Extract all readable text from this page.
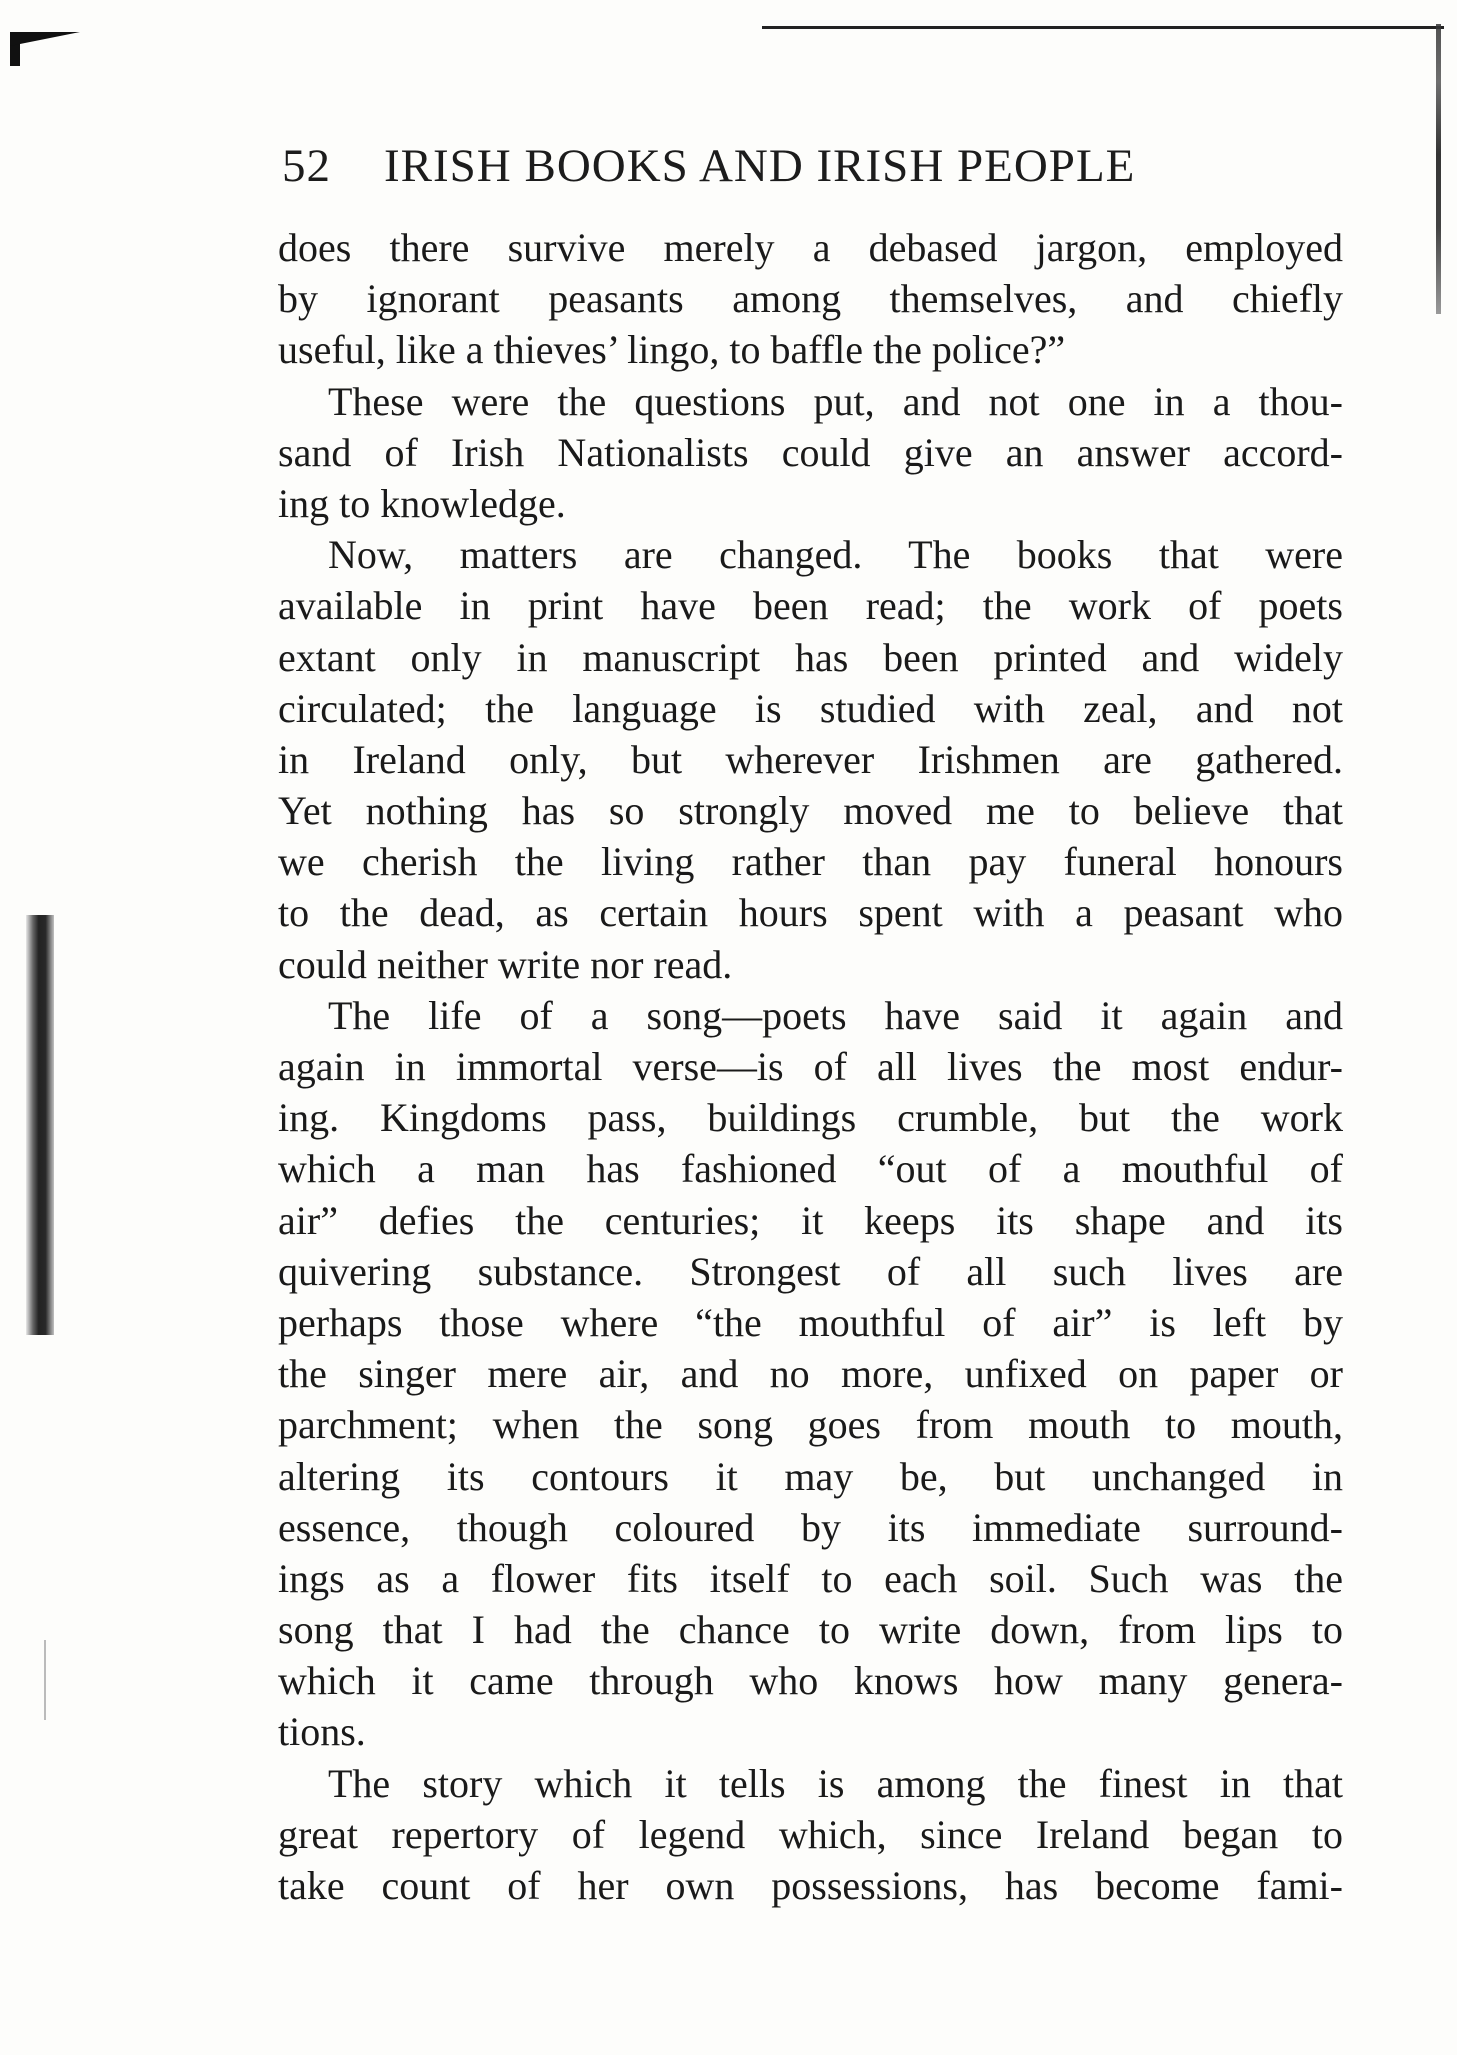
52 IRISH BOOKS AND IRISH PEOPLE
does there survive merely a debased jargon, employed
by ignorant peasants among themselves, and chiefly
useful, like a thieves’ lingo, to baffle the police?”
These were the questions put, and not one in a thou-
sand of Irish Nationalists could give an answer accord-
ing to knowledge.
Now, matters are changed. The books that were
available in print have been read; the work of poets
extant only in manuscript has been printed and widely
circulated; the language is studied with zeal, and not
in Ireland only, but wherever Irishmen are gathered.
Yet nothing has so strongly moved me to believe that
we cherish the living rather than pay funeral honours
to the dead, as certain hours spent with a peasant who
could neither write nor read.
The life of a song—poets have said it again and
again in immortal verse—is of all lives the most endur-
ing. Kingdoms pass, buildings crumble, but the work
which a man has fashioned “out of a mouthful of
air” defies the centuries; it keeps its shape and its
quivering substance. Strongest of all such lives are
perhaps those where “the mouthful of air” is left by
the singer mere air, and no more, unfixed on paper or
parchment; when the song goes from mouth to mouth,
altering its contours it may be, but unchanged in
essence, though coloured by its immediate surround-
ings as a flower fits itself to each soil. Such was the
song that I had the chance to write down, from lips to
which it came through who knows how many genera-
tions.
The story which it tells is among the finest in that
great repertory of legend which, since Ireland began to
take count of her own possessions, has become fami-
